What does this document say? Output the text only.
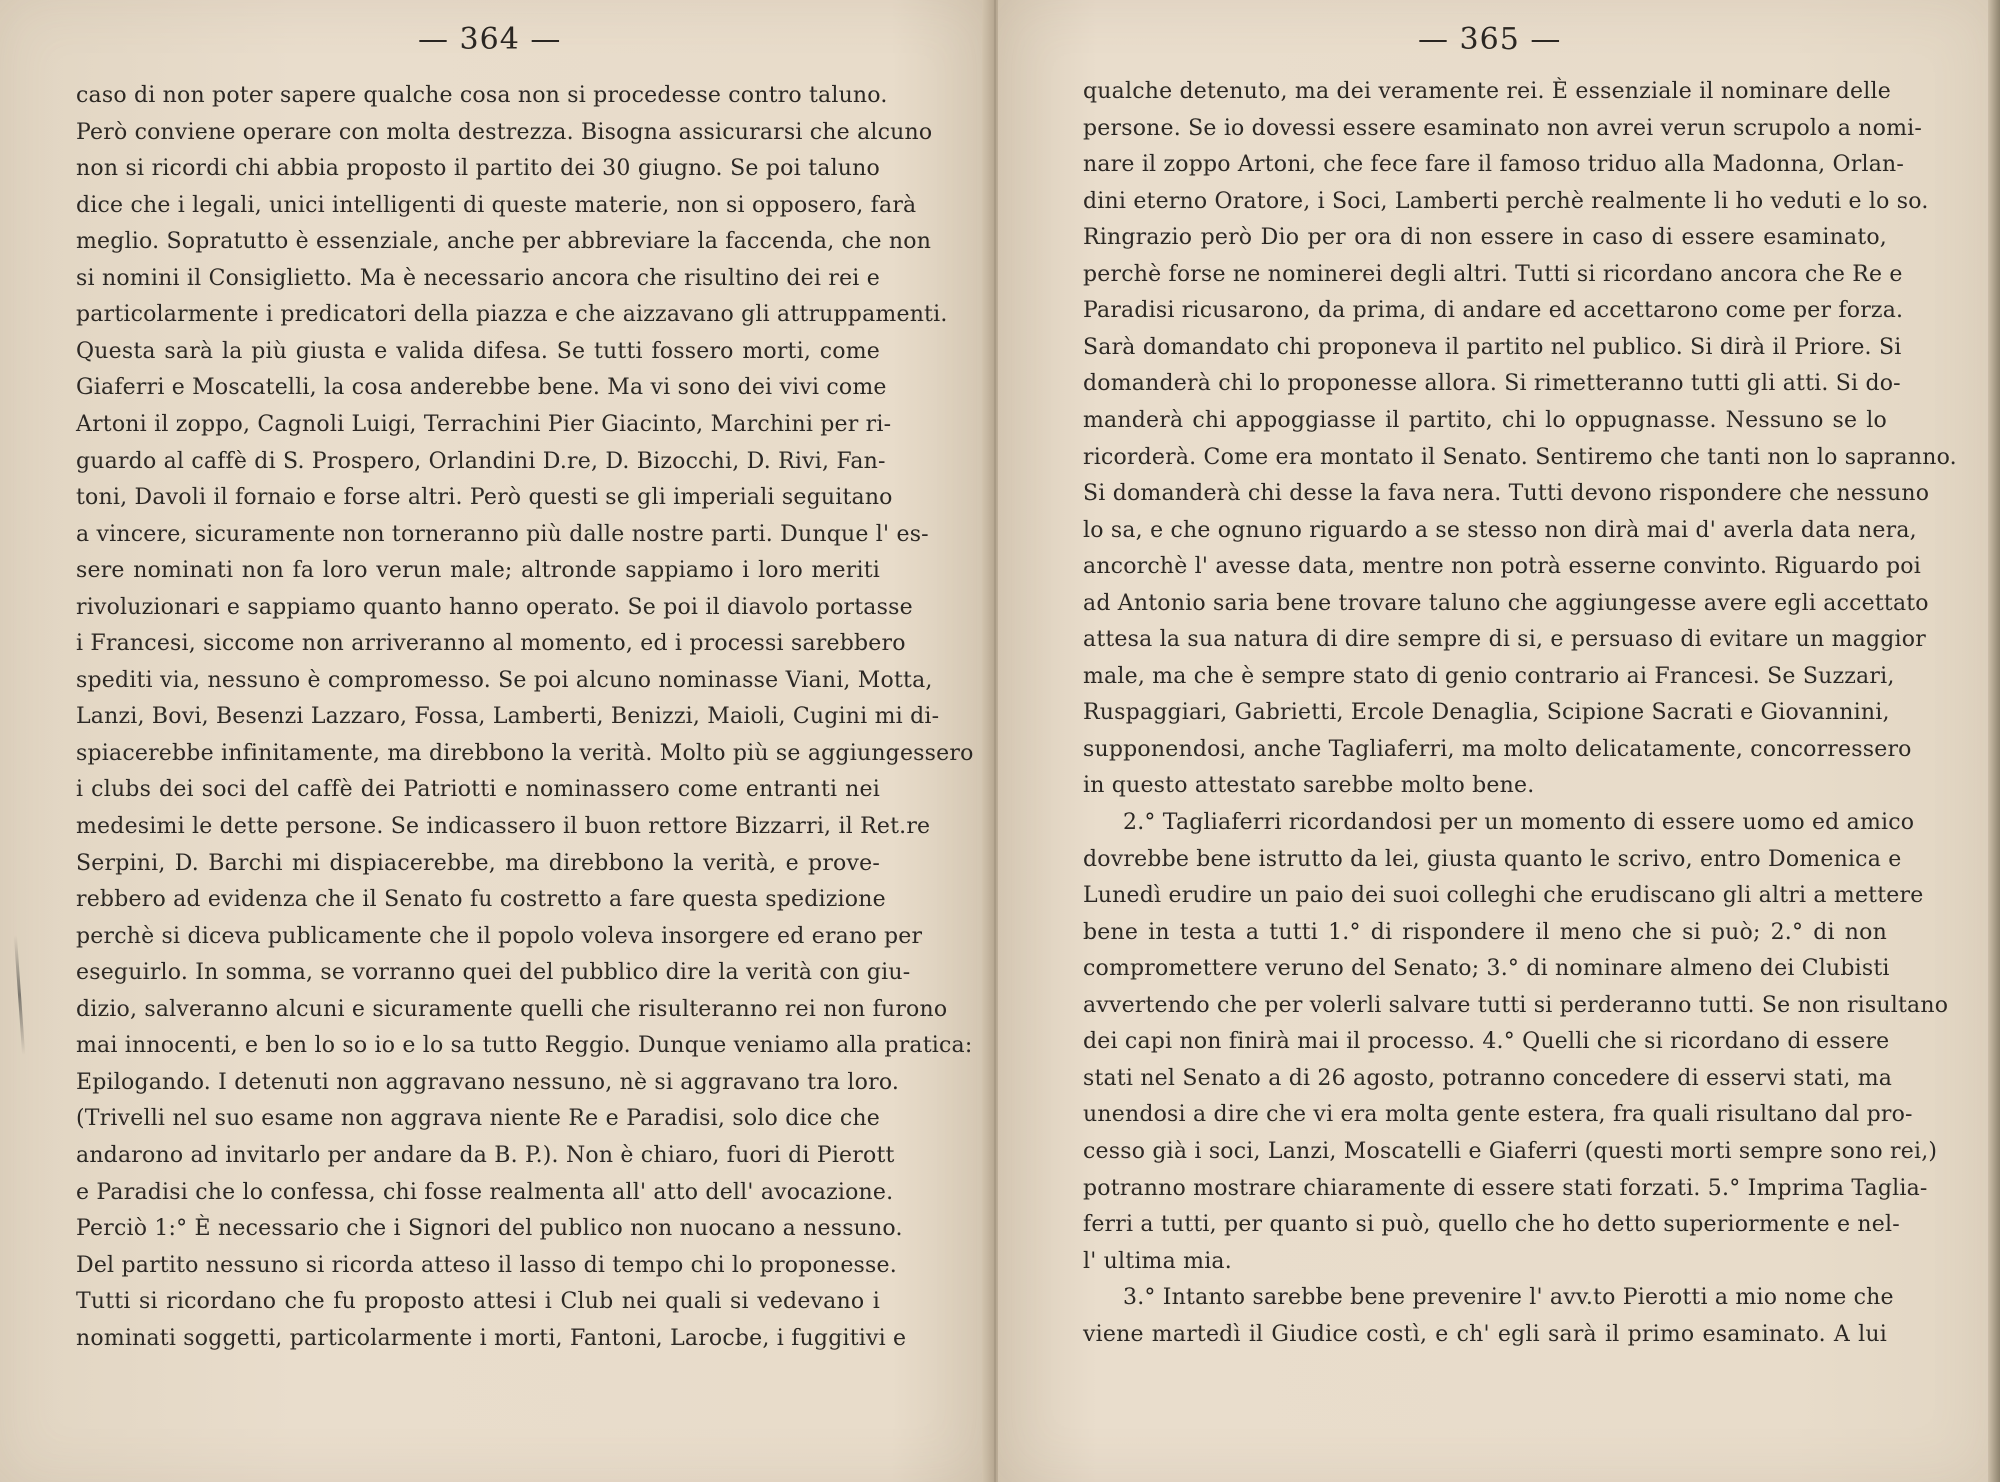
— 364 —
caso di non poter sapere qualche cosa non si procedesse contro taluno.
Però conviene operare con molta destrezza. Bisogna assicurarsi che alcuno
non si ricordi chi abbia proposto il partito dei 30 giugno. Se poi taluno
dice che i legali, unici intelligenti di queste materie, non si opposero, farà
meglio. Sopratutto è essenziale, anche per abbreviare la faccenda, che non
si nomini il Consiglietto. Ma è necessario ancora che risultino dei rei e
particolarmente i predicatori della piazza e che aizzavano gli attruppamenti.
Questa sarà la più giusta e valida difesa. Se tutti fossero morti, come
Giaferri e Moscatelli, la cosa anderebbe bene. Ma vi sono dei vivi come
Artoni il zoppo, Cagnoli Luigi, Terrachini Pier Giacinto, Marchini per ri-
guardo al caffè di S. Prospero, Orlandini D.re, D. Bizocchi, D. Rivi, Fan-
toni, Davoli il fornaio e forse altri. Però questi se gli imperiali seguitano
a vincere, sicuramente non torneranno più dalle nostre parti. Dunque l' es-
sere nominati non fa loro verun male; altronde sappiamo i loro meriti
rivoluzionari e sappiamo quanto hanno operato. Se poi il diavolo portasse
i Francesi, siccome non arriveranno al momento, ed i processi sarebbero
spediti via, nessuno è compromesso. Se poi alcuno nominasse Viani, Motta,
Lanzi, Bovi, Besenzi Lazzaro, Fossa, Lamberti, Benizzi, Maioli, Cugini mi di-
spiacerebbe infinitamente, ma direbbono la verità. Molto più se aggiungessero
i clubs dei soci del caffè dei Patriotti e nominassero come entranti nei
medesimi le dette persone. Se indicassero il buon rettore Bizzarri, il Ret.re
Serpini, D. Barchi mi dispiacerebbe, ma direbbono la verità, e prove-
rebbero ad evidenza che il Senato fu costretto a fare questa spedizione
perchè si diceva publicamente che il popolo voleva insorgere ed erano per
eseguirlo. In somma, se vorranno quei del pubblico dire la verità con giu-
dizio, salveranno alcuni e sicuramente quelli che risulteranno rei non furono
mai innocenti, e ben lo so io e lo sa tutto Reggio. Dunque veniamo alla pratica:
Epilogando. I detenuti non aggravano nessuno, nè si aggravano tra loro.
(Trivelli nel suo esame non aggrava niente Re e Paradisi, solo dice che
andarono ad invitarlo per andare da B. P.). Non è chiaro, fuori di Pierott
e Paradisi che lo confessa, chi fosse realmenta all' atto dell' avocazione.
Perciò 1:° È necessario che i Signori del publico non nuocano a nessuno.
Del partito nessuno si ricorda atteso il lasso di tempo chi lo proponesse.
Tutti si ricordano che fu proposto attesi i Club nei quali si vedevano i
nominati soggetti, particolarmente i morti, Fantoni, Larocbe, i fuggitivi e
— 365 —
qualche detenuto, ma dei veramente rei. È essenziale il nominare delle
persone. Se io dovessi essere esaminato non avrei verun scrupolo a nomi-
nare il zoppo Artoni, che fece fare il famoso triduo alla Madonna, Orlan-
dini eterno Oratore, i Soci, Lamberti perchè realmente li ho veduti e lo so.
Ringrazio però Dio per ora di non essere in caso di essere esaminato,
perchè forse ne nominerei degli altri. Tutti si ricordano ancora che Re e
Paradisi ricusarono, da prima, di andare ed accettarono come per forza.
Sarà domandato chi proponeva il partito nel publico. Si dirà il Priore. Si
domanderà chi lo proponesse allora. Si rimetteranno tutti gli atti. Si do-
manderà chi appoggiasse il partito, chi lo oppugnasse. Nessuno se lo
ricorderà. Come era montato il Senato. Sentiremo che tanti non lo sapranno.
Si domanderà chi desse la fava nera. Tutti devono rispondere che nessuno
lo sa, e che ognuno riguardo a se stesso non dirà mai d' averla data nera,
ancorchè l' avesse data, mentre non potrà esserne convinto. Riguardo poi
ad Antonio saria bene trovare taluno che aggiungesse avere egli accettato
attesa la sua natura di dire sempre di si, e persuaso di evitare un maggior
male, ma che è sempre stato di genio contrario ai Francesi. Se Suzzari,
Ruspaggiari, Gabrietti, Ercole Denaglia, Scipione Sacrati e Giovannini,
supponendosi, anche Tagliaferri, ma molto delicatamente, concorressero
in questo attestato sarebbe molto bene.
2.° Tagliaferri ricordandosi per un momento di essere uomo ed amico
dovrebbe bene istrutto da lei, giusta quanto le scrivo, entro Domenica e
Lunedì erudire un paio dei suoi colleghi che erudiscano gli altri a mettere
bene in testa a tutti 1.° di rispondere il meno che si può; 2.° di non
compromettere veruno del Senato; 3.° di nominare almeno dei Clubisti
avvertendo che per volerli salvare tutti si perderanno tutti. Se non risultano
dei capi non finirà mai il processo. 4.° Quelli che si ricordano di essere
stati nel Senato a di 26 agosto, potranno concedere di esservi stati, ma
unendosi a dire che vi era molta gente estera, fra quali risultano dal pro-
cesso già i soci, Lanzi, Moscatelli e Giaferri (questi morti sempre sono rei,)
potranno mostrare chiaramente di essere stati forzati. 5.° Imprima Taglia-
ferri a tutti, per quanto si può, quello che ho detto superiormente e nel-
l' ultima mia.
3.° Intanto sarebbe bene prevenire l' avv.to Pierotti a mio nome che
viene martedì il Giudice costì, e ch' egli sarà il primo esaminato. A lui
